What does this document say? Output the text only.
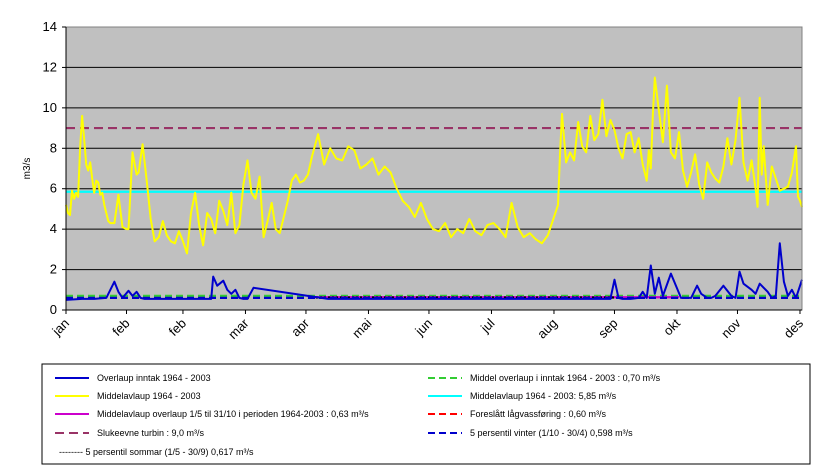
0
2
4
6
8
10
12
14
jan	feb	feb	mar	apr	mai	jun	jul	aug	sep	okt	nov	des
m3/s
Overlaup inntak 1964 - 2003	Middel overlaup i inntak 1964 - 2003 : 0,70 m³/s
Middelavlaup 1964 - 2003	Middelavlaup 1964 - 2003: 5,85 m³/s
Middelavlaup overlaup 1/5 til 31/10 i perioden 1964-2003 : 0,63 m³/s	Foreslått lågvassføring : 0,60 m³/s
Slukeevne turbin : 9,0 m³/s	5 persentil vinter (1/10 - 30/4) 0,598 m³/s
-------- 5 persentil sommar (1/5 - 30/9) 0,617 m³/s
